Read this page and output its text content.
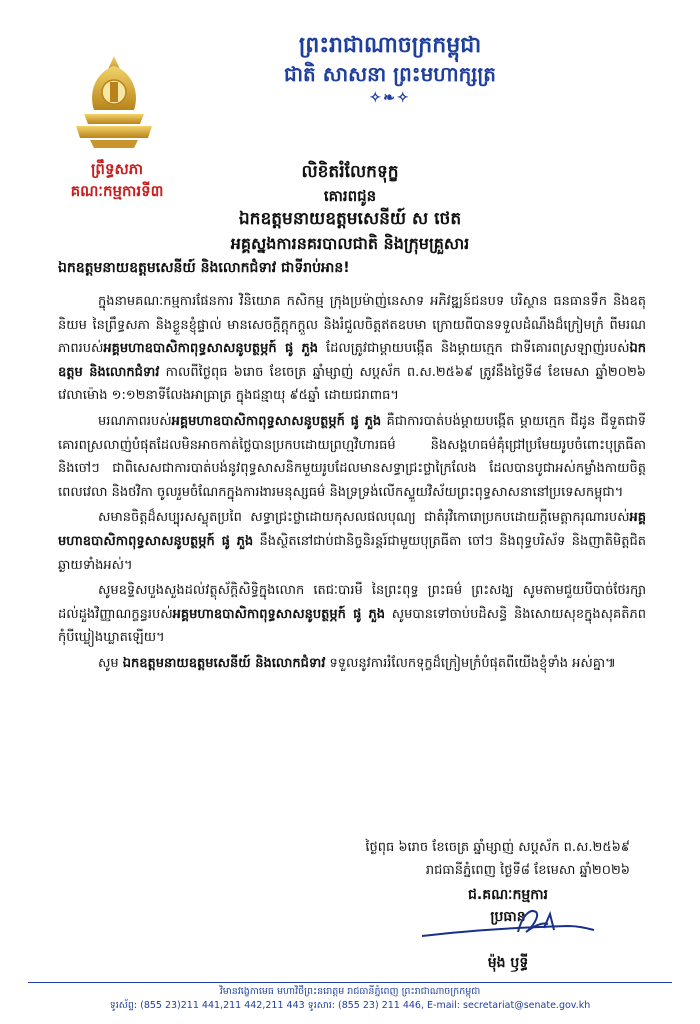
ព្រះរាជាណាចក្រកម្ពុជា
ជាតិ សាសនា ព្រះមហាក្សត្រ
✧❧✧
ព្រឹទ្ធសភា
គណៈកម្មការទី៣
លិខិតរំលែកទុក្ខ
គោរពជូន
ឯកឧត្តមនាយឧត្តមសេនីយ៍ ស ថេត
អគ្គស្នងការនគរបាលជាតិ និងក្រុមគ្រួសារ
ឯកឧត្តមនាយឧត្តមសេនីយ៍ និងលោកជំទាវ ជាទីរាប់អាន!

ក្នុងនាមគណៈកម្មការផែនការ វិនិយោគ កសិកម្ម ក្រុងប្រម៉ាញ់នេសាទ អភិវឌ្ឍន៍ជនបទ បរិស្ថាន ធនធានទឹក និងឧតុនិយម នៃព្រឹទ្ធសភា និងខ្លួនខ្ញុំផ្ទាល់ មានសេចក្តីក្តុកក្តួល និងរំជួលចិត្តឥតឧបមា ក្រោយពីបានទទួលដំណឹងដ៏ក្រៀមក្រំ ពីមរណភាពរបស់អគ្គមហាឧបាសិកាពុទ្ធសាសនូបត្ថម្ភក៍ ផូ ភួង ដែលត្រូវជាម្តាយបង្កើត និងម្តាយក្មេក ជាទីគោរពស្រឡាញ់របស់ឯកឧត្តម និងលោកជំទាវ កាលពីថ្ងៃពុធ ៦រោច ខែចេត្រ ឆ្នាំម្សាញ់ សប្តស័ក ព.ស.២៥៦៩ ត្រូវនឹងថ្ងៃទី៨ ខែមេសា ឆ្នាំ២០២៦ វេលាម៉ោង ១:១២នាទីលែងអាធ្រាត្រ ក្នុងជន្មាយុ ៩៥ឆ្នាំ ដោយជរាពាធ។

មរណភាពរបស់អគ្គមហាឧបាសិកាពុទ្ធសាសនូបត្ថម្ភក៍ ផូ ភួង គឺជាការបាត់បង់ម្តាយបង្កើត ម្តាយក្មេក ជីដូន ជីទួតជាទីគោរពស្រលាញ់បំផុតដែលមិនអាចកាត់ថ្លៃបានប្រកបដោយព្រហ្មវិហារធម៌ និងសង្គហធម៌គុំជ្រៅប្រមែយរូបចំពោះបុត្រធីតា និងចៅៗ ជាពិសេសជាការបាត់បង់នូវពុទ្ធសាសនិកមួយរូបដែលមានសទ្ធាជ្រះថ្លាក្រៃលែង ដែលបានបូជាអស់កម្លាំងកាយចិត្ត ពេលវេលា និងថវិកា ចូលរួមចំណែកក្នុងការងារមនុស្សធម៌ និងទ្រទ្រង់លើកស្ទួយវិស័យព្រះពុទ្ធសាសនានៅប្រទេសកម្ពុជា។

សមានចិត្តដ៏សប្បុរសស្លុតប្រពៃ សទ្ធាជ្រះថ្លាដោយកុសលផលបុណ្យ ជាតំរុវិកោរោប្រកបដោយក្តីមេត្តាករុណារបស់អគ្គមហាឧបាសិកាពុទ្ធសាសនូបត្ថម្ភក៍ ផូ ភួង នឹងស្ថិតនៅជាប់ជានិច្ចនិរន្តរ៍ជាមួយបុត្រធីតា ចៅៗ និងពុទ្ធបរិស័ទ និងញាតិមិត្តជិតឆ្ងាយទាំងអស់។

សូមឧទ្ទិសបួងសួងដល់វត្ថុស័ក្តិសិទ្ធិក្នុងលោក តេជៈបារមី នៃព្រះពុទ្ធ ព្រះធម៌ ព្រះសង្ឃ សូមតាមជួយបីបាច់ថែរក្សាដល់ដួងវិញ្ញាណក្ខន្ធរបស់អគ្គមហាឧបាសិកាពុទ្ធសាសនូបត្ថម្ភក៍ ផូ ភួង សូមបានទៅចាប់បដិសន្ធិ និងសោយសុខក្នុងសុគតិភពកុំបីឃ្លៀងឃ្លាតឡើយ។

សូម ឯកឧត្តមនាយឧត្តមសេនីយ៍ និងលោកជំទាវ ទទួលនូវការរំលែកទុក្ខដ៏ក្រៀមក្រំបំផុតពីយើងខ្ញុំទាំង អស់គ្នា៕

ថ្ងៃពុធ ៦រោច ខែចេត្រ ឆ្នាំម្សាញ់ សប្តស័ក ព.ស.២៥៦៩
រាជធានីភ្នំពេញ ថ្ងៃទី៨ ខែមេសា ឆ្នាំ២០២៦
ជ.គណៈកម្មការ
ប្រធាន
ម៉ុង ឫទ្ធី
វិមានវង្ខេកាមេធ មហាវិថីព្រះនរោត្តម រាជធានីភ្នំពេញ ព្រះរាជាណាចក្រកម្ពុជា
ទូរស័ព្ទ: (855 23)211 441,211 442,211 443 ទូរសារ: (855 23) 211 446, E-mail: secretariat@senate.gov.kh
